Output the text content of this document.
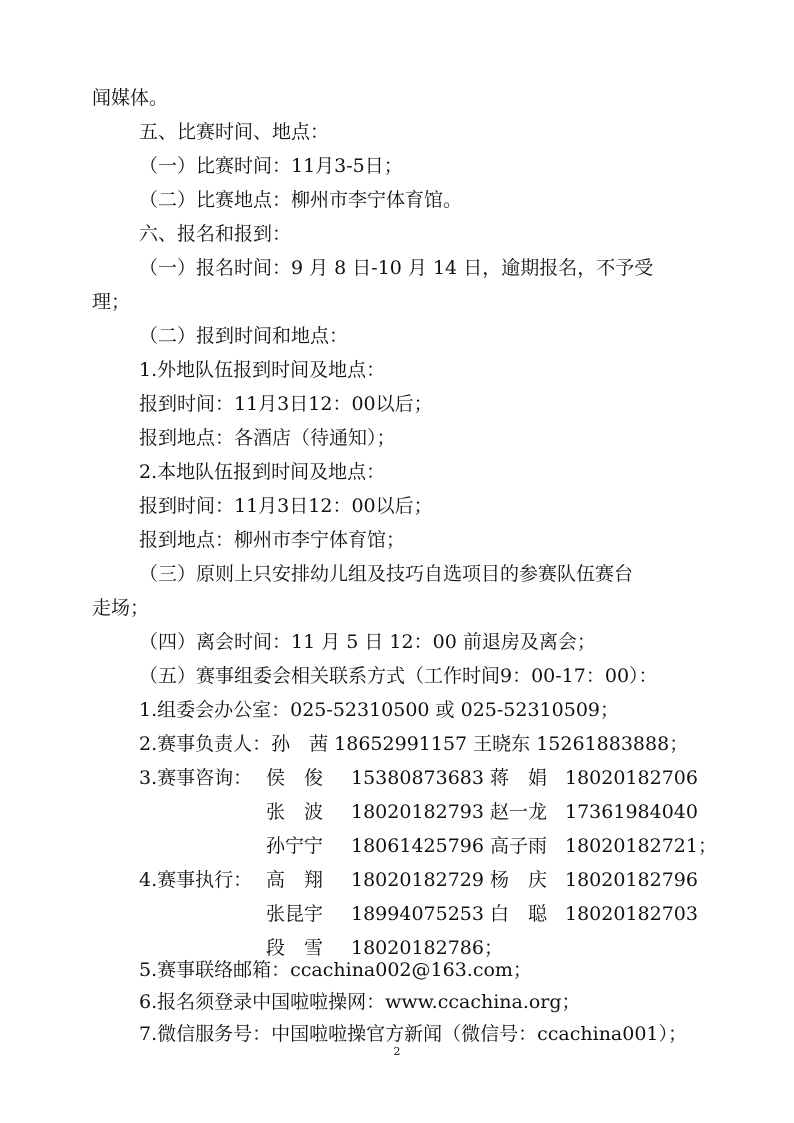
闻媒体。
五、比赛时间、地点：
（一）比赛时间：11月3-5日；
（二）比赛地点：柳州市李宁体育馆。
六、报名和报到：
（一）报名时间：9 月 8 日-10 月 14 日，逾期报名，不予受
理；
（二）报到时间和地点：
1.外地队伍报到时间及地点：
报到时间：11月3日12：00以后；
报到地点：各酒店（待通知）；
2.本地队伍报到时间及地点：
报到时间：11月3日12：00以后；
报到地点：柳州市李宁体育馆；
（三）原则上只安排幼儿组及技巧自选项目的参赛队伍赛台
走场；
（四）离会时间：11 月 5 日 12：00 前退房及离会；
（五）赛事组委会相关联系方式（工作时间9：00-17：00）：
1.组委会办公室：025-52310500 或 025-52310509；
2.赛事负责人：孙　茜 18652991157 王晓东 15261883888；
3.赛事咨询： 侯　俊 15380873683 蒋　娟 18020182706
张　波 18020182793 赵一龙 17361984040
孙宁宁 18061425796 高子雨 18020182721；
4.赛事执行： 高　翔 18020182729 杨　庆 18020182796
张昆宇 18994075253 白　聪 18020182703
段　雪 18020182786；
5.赛事联络邮箱：ccachina002@163.com；
6.报名须登录中国啦啦操网：www.ccachina.org；
7.微信服务号：中国啦啦操官方新闻（微信号：ccachina001）；
2
